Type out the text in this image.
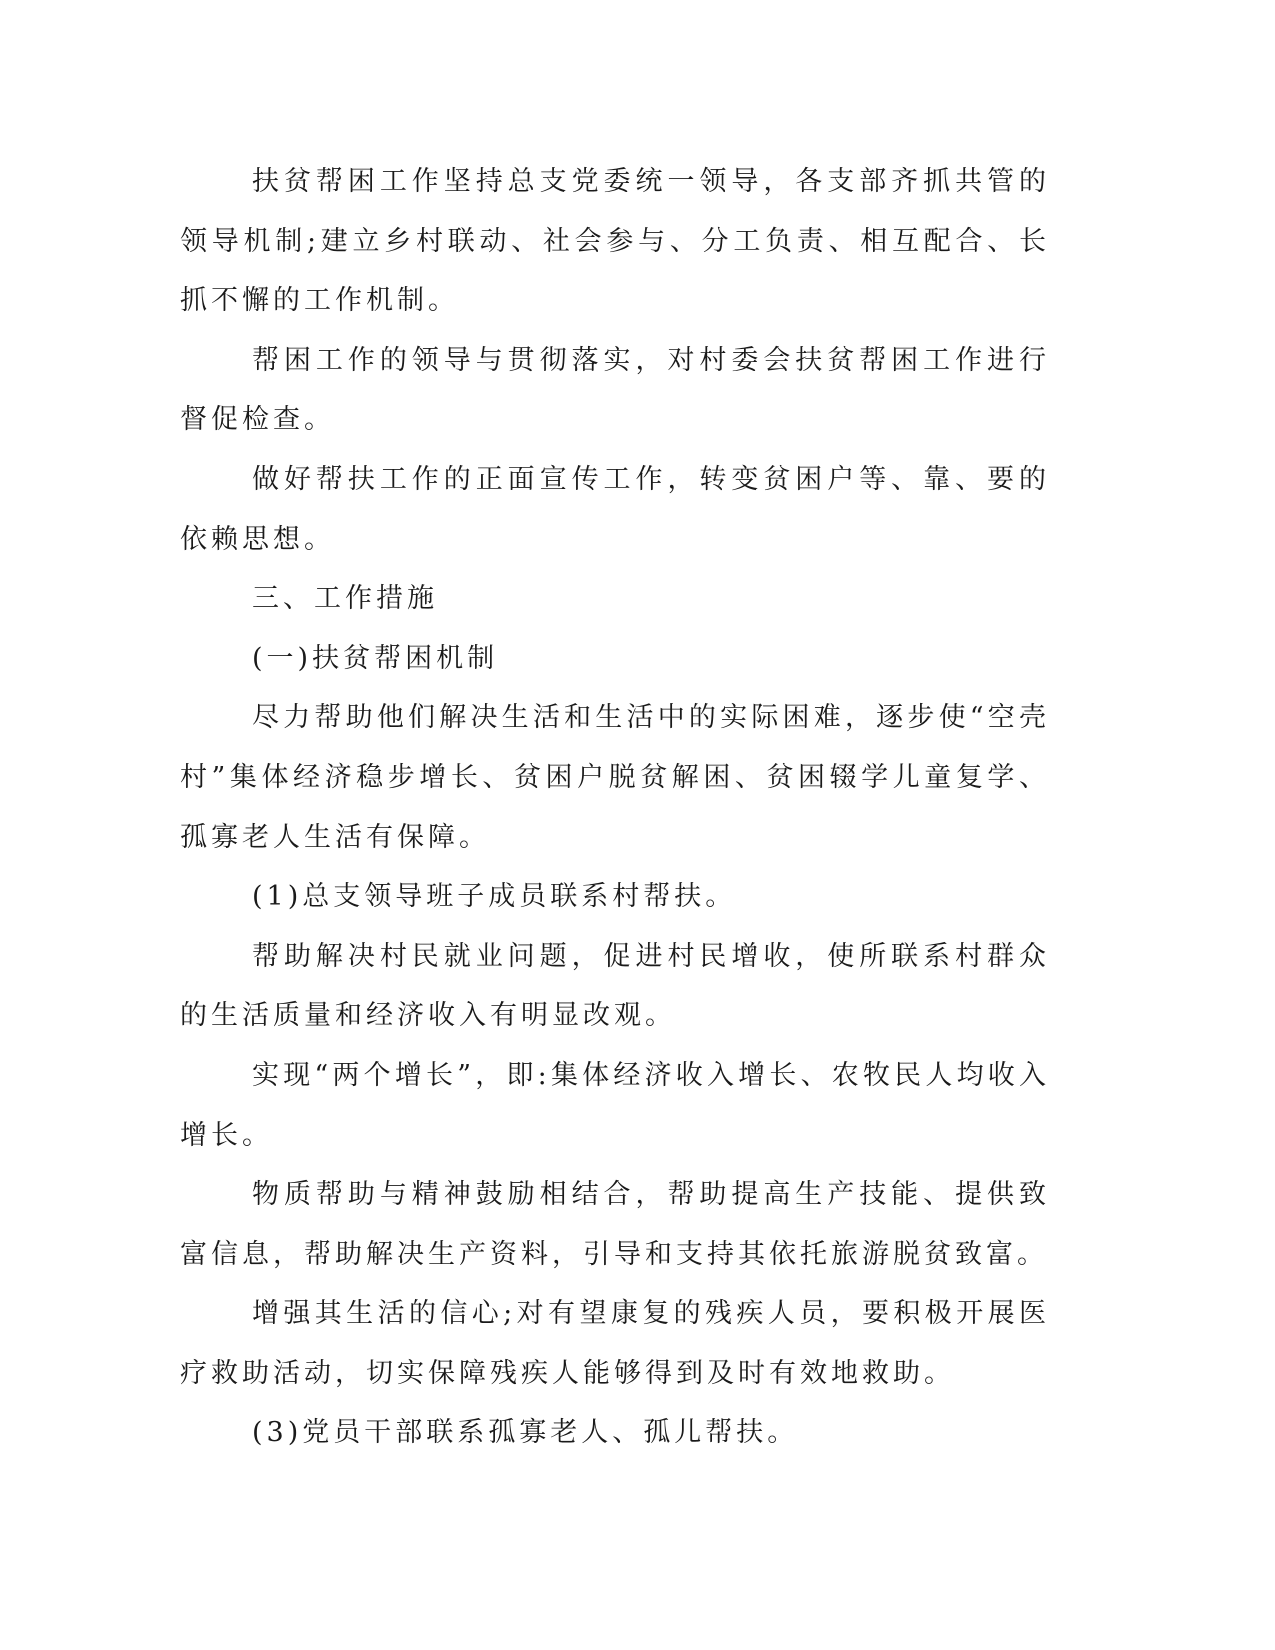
扶贫帮困工作坚持总支党委统一领导，各支部齐抓共管的领导机制;建立乡村联动、社会参与、分工负责、相互配合、长抓不懈的工作机制。

帮困工作的领导与贯彻落实，对村委会扶贫帮困工作进行督促检查。

做好帮扶工作的正面宣传工作，转变贫困户等、靠、要的依赖思想。

三、工作措施

(一)扶贫帮困机制

尽力帮助他们解决生活和生活中的实际困难，逐步使“空壳村”集体经济稳步增长、贫困户脱贫解困、贫困辍学儿童复学、孤寡老人生活有保障。

(1)总支领导班子成员联系村帮扶。

帮助解决村民就业问题，促进村民增收，使所联系村群众的生活质量和经济收入有明显改观。

实现“两个增长”，即:集体经济收入增长、农牧民人均收入增长。

物质帮助与精神鼓励相结合，帮助提高生产技能、提供致富信息，帮助解决生产资料，引导和支持其依托旅游脱贫致富。

增强其生活的信心;对有望康复的残疾人员，要积极开展医疗救助活动，切实保障残疾人能够得到及时有效地救助。

(3)党员干部联系孤寡老人、孤儿帮扶。
